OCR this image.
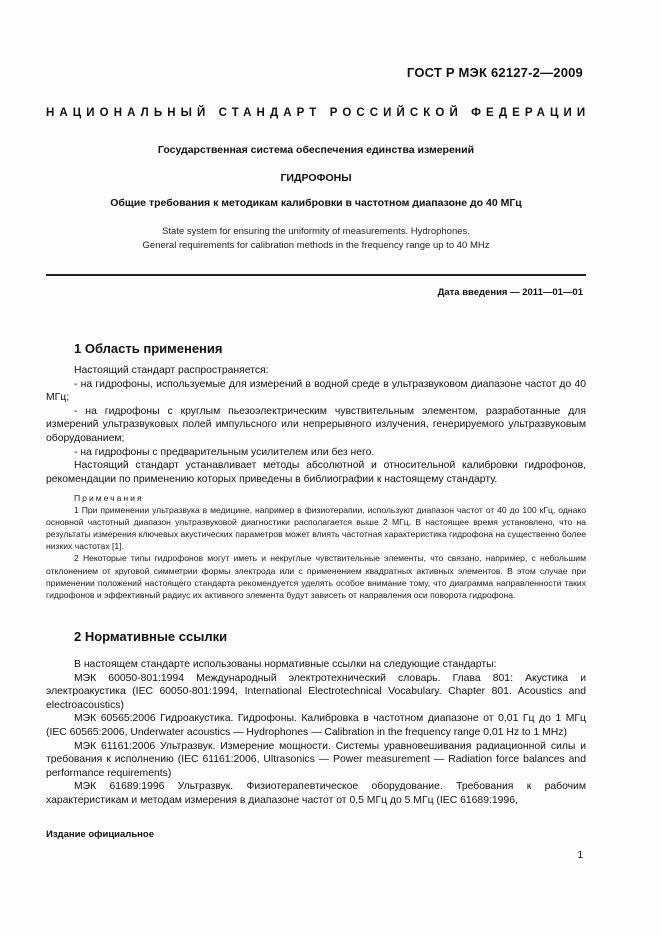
ГОСТ Р МЭК 62127-2—2009
НАЦИОНАЛЬНЫЙ СТАНДАРТ РОССИЙСКОЙ ФЕДЕРАЦИИ
Государственная система обеспечения единства измерений
ГИДРОФОНЫ
Общие требования к методикам калибровки в частотном диапазоне до 40 МГц
State system for ensuring the uniformity of measurements. Hydrophones.
General requirements for calibration methods in the frequency range up to 40 MHz
Дата введения — 2011—01—01
1 Область применения

Настоящий стандарт распространяется:

- на гидрофоны, используемые для измерений в водной среде в ультразвуковом диапазоне частот до 40 МГц;

- на гидрофоны с круглым пьезоэлектрическим чувствительным элементом, разработанные для измерений ультразвуковых полей импульсного или непрерывного излучения, генерируемого ультразвуковым оборудованием;

- на гидрофоны с предварительным усилителем или без него.

Настоящий стандарт устанавливает методы абсолютной и относительной калибровки гидрофонов, рекомендации по применению которых приведены в библиографии к настоящему стандарту.

Примечания

1 При применении ультразвука в медицине, например в физиотерапии, используют диапазон частот от 40 до 100 кГц, однако основной частотный диапазон ультразвуковой диагностики располагается выше 2 МГц. В настоящее время установлено, что на результаты измерения ключевых акустических параметров может влиять частотная характеристика гидрофона на существенно более низких частотах [1].

2 Некоторые типы гидрофонов могут иметь и некруглые чувствительные элементы, что связано, например, с небольшим отклонением от круговой симметрии формы электрода или с применением квадратных активных элементов. В этом случае при применении положений настоящего стандарта рекомендуется уделять особое внимание тому, что диаграмма направленности таких гидрофонов и эффективный радиус их активного элемента будут зависеть от направления оси поворота гидрофона.

2 Нормативные ссылки

В настоящем стандарте использованы нормативные ссылки на следующие стандарты:

МЭК 60050-801:1994 Международный электротехнический словарь. Глава 801: Акустика и электроакустика (IEC 60050-801:1994, International Electrotechnical Vocabulary. Chapter 801. Acoustics and electroacoustics)

МЭК 60565:2006 Гидроакустика. Гидрофоны. Калибровка в частотном диапазоне от 0,01 Гц до 1 МГц (IEC 60565:2006, Underwater acoustics — Hydrophones — Calibration in the frequency range 0,01 Hz to 1 MHz)

МЭК 61161:2006 Ультразвук. Измерение мощности. Системы уравновешивания радиационной силы и требования к исполнению (IEC 61161:2006, Ultrasonics — Power measurement — Radiation force balances and performance requirements)

МЭК 61689:1996 Ультразвук. Физиотерапевтическое оборудование. Требования к рабочим характеристикам и методам измерения в диапазоне частот от 0,5 МГц до 5 МГц (IEC 61689:1996,

Издание официальное
1
